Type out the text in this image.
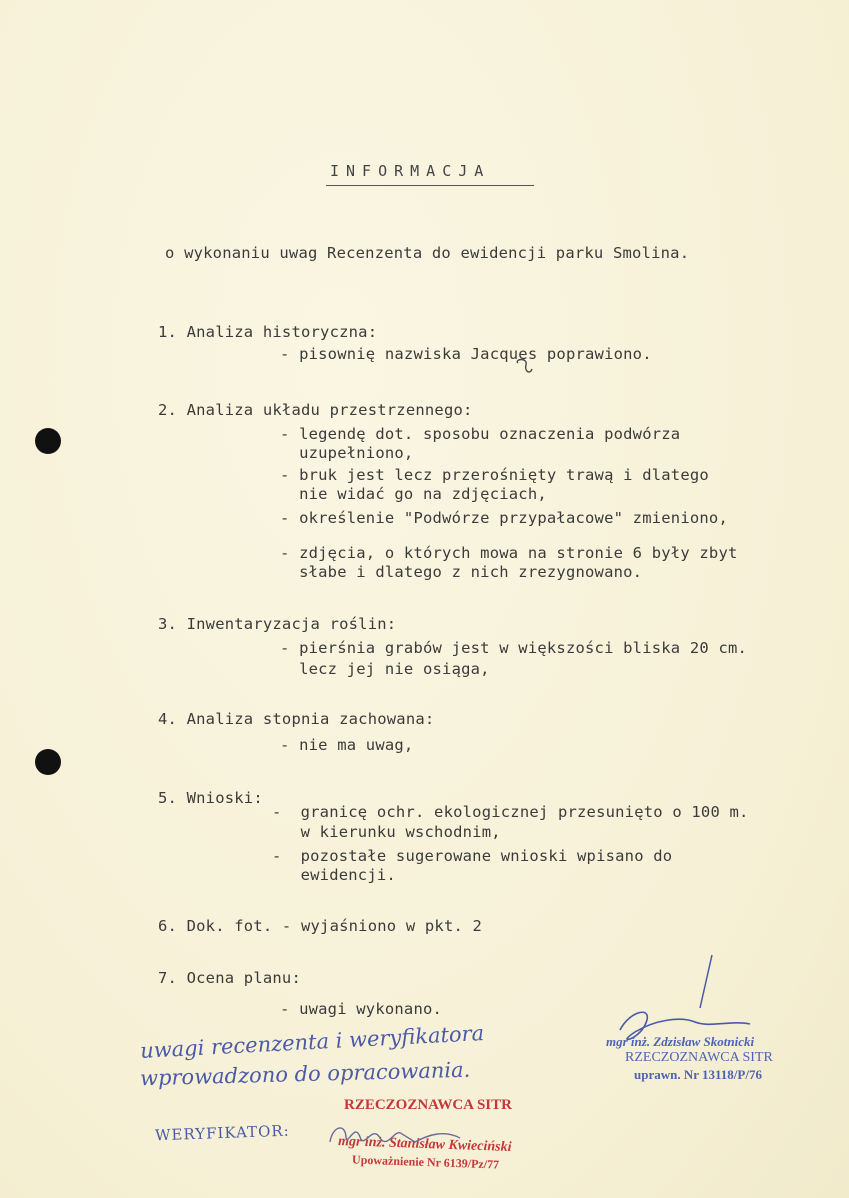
INFORMACJA
o wykonaniu uwag Recenzenta do ewidencji parku Smolina.
1. Analiza historyczna:
- pisownię nazwiska Jacques poprawiono.
2. Analiza układu przestrzennego:
- legendę dot. sposobu oznaczenia podwórza
uzupełniono,
- bruk jest lecz przerośnięty trawą i dlatego
nie widać go na zdjęciach,
- określenie "Podwórze przypałacowe" zmieniono,
- zdjęcia, o których mowa na stronie 6 były zbyt
słabe i dlatego z nich zrezygnowano.
3. Inwentaryzacja roślin:
- pierśnia grabów jest w większości bliska 20 cm.
lecz jej nie osiąga,
4. Analiza stopnia zachowana:
- nie ma uwag,
5. Wnioski:
-  granicę ochr. ekologicznej przesunięto o 100 m.
w kierunku wschodnim,
-  pozostałe sugerowane wnioski wpisano do
ewidencji.
6. Dok. fot. - wyjaśniono w pkt. 2
7. Ocena planu:
- uwagi wykonano.
uwagi recenzenta i weryfikatora
wprowadzono do opracowania.
WERYFIKATOR:
mgr inż. Zdzisław Skotnicki
RZECZOZNAWCA SITR
uprawn. Nr 13118/P/76
RZECZOZNAWCA SITR
mgr inż. Stanisław Kwieciński
Upoważnienie Nr 6139/Pz/77
